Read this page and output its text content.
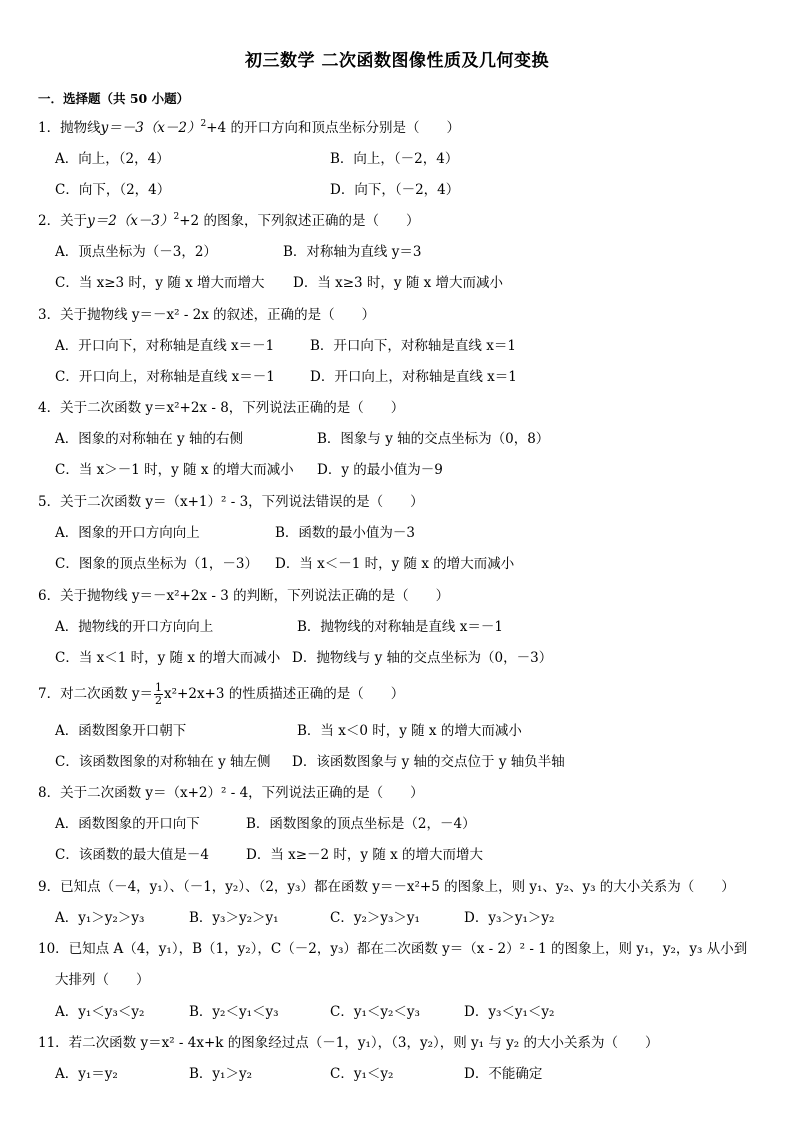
初三数学 二次函数图像性质及几何变换
一．选择题（共 50 小题）
1．抛物线$y=-3(x-2)^2+4$ 的开口方向和顶点坐标分别是（　　）
A．向上，（2，4）	B．向上，（－2，4）
C．向下，（2，4）	D．向下，（－2，4）
2．关于$y=2(x-3)^2+2$ 的图象，下列叙述正确的是（　　）
A．顶点坐标为（－3，2）	B．对称轴为直线 y＝3
C．当 x≥3 时，y 随 x 增大而增大 D．当 x≥3 时，y 随 x 增大而减小
3．关于抛物线 y＝－x² - 2x 的叙述，正确的是（　　）
A．开口向下，对称轴是直线 x＝－1	B．开口向下，对称轴是直线 x＝1
C．开口向上，对称轴是直线 x＝－1	D．开口向上，对称轴是直线 x＝1
4．关于二次函数 y＝x²+2x - 8，下列说法正确的是（　　）
A．图象的对称轴在 y 轴的右侧	B．图象与 y 轴的交点坐标为（0，8）
C．当 x＞－1 时，y 随 x 的增大而减小 D．y 的最小值为－9
5．关于二次函数 y＝（x+1）² - 3，下列说法错误的是（　　）
A．图象的开口方向向上	B．函数的最小值为－3
C．图象的顶点坐标为（1，－3） D．当 x＜－1 时，y 随 x 的增大而减小
6．关于抛物线 y＝－x²+2x - 3 的判断，下列说法正确的是（　　）
A．抛物线的开口方向向上	B．抛物线的对称轴是直线 x＝－1
C．当 x＜1 时，y 随 x 的增大而减小 D．抛物线与 y 轴的交点坐标为（0，－3）
7．对二次函数 $y= \frac{1}{2} x^2+2x+3$ 的性质描述正确的是（　　）
A．函数图象开口朝下	B．当 x＜0 时，y 随 x 的增大而减小
C．该函数图象的对称轴在 y 轴左侧 D．该函数图象与 y 轴的交点位于 y 轴负半轴
8．关于二次函数 y＝（x+2）² - 4，下列说法正确的是（　　）
A．函数图象的开口向下	B．函数图象的顶点坐标是（2，－4）
C．该函数的最大值是－4	D．当 x≥－2 时，y 随 x 的增大而增大
9．已知点（－4，y₁）、（－1，y₂）、（2，y₃）都在函数 y＝－x²+5 的图象上，则 y₁、y₂、y₃ 的大小关系为（　　）
A．y₁＞y₂＞y₃	B．y₃＞y₂＞y₁	C．y₂＞y₃＞y₁	D．y₃＞y₁＞y₂
10．已知点 A（4，y₁），B（1，y₂），C（－2，y₃）都在二次函数 y＝（x - 2）² - 1 的图象上，则 y₁，y₂，y₃ 从小到
大排列（　　）
A．y₁＜y₃＜y₂	B．y₂＜y₁＜y₃	C．y₁＜y₂＜y₃	D．y₃＜y₁＜y₂
11．若二次函数 y＝x² - 4x+k 的图象经过点（－1，y₁），（3，y₂），则 y₁ 与 y₂ 的大小关系为（　　）
A．y₁＝y₂	B．y₁＞y₂	C．y₁＜y₂	D．不能确定
